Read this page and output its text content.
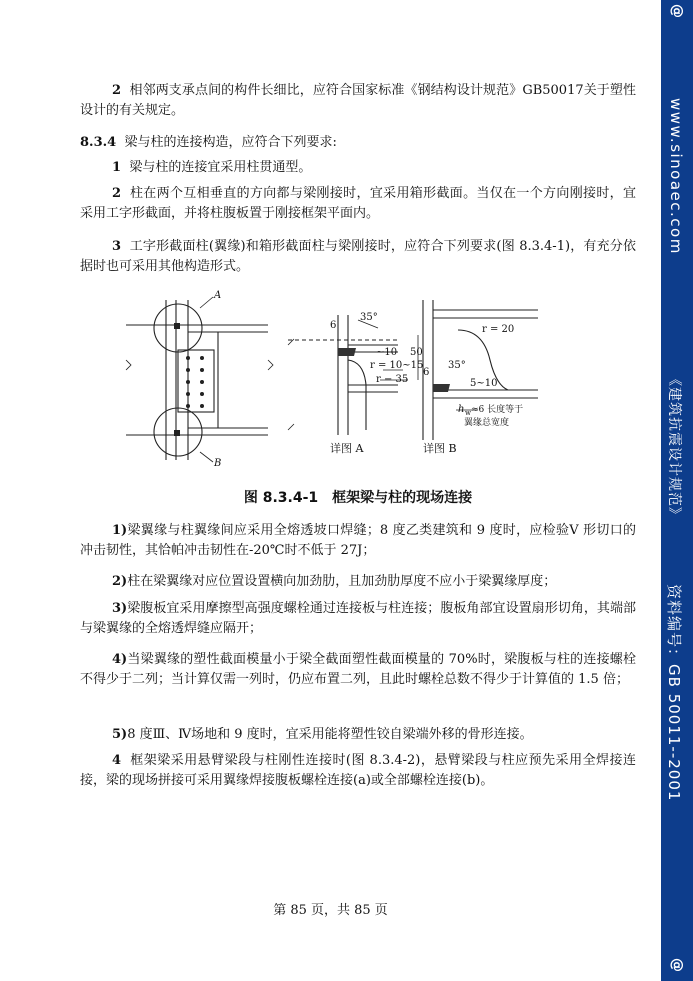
@
www.sinoaec.com
《建筑抗震设计规范》
资料编号：GB 50011--2001
@

2 相邻两支承点间的构件长细比，应符合国家标准《钢结构设计规范》GB50017关于塑性设计的有关规定。

8.3.4 梁与柱的连接构造，应符合下列要求:

1 梁与柱的连接宜采用柱贯通型。

2 柱在两个互相垂直的方向都与梁刚接时，宜采用箱形截面。当仅在一个方向刚接时，宜采用工字形截面，并将柱腹板置于刚接框架平面内。

3 工字形截面柱(翼缘)和箱形截面柱与梁刚接时，应符合下列要求(图 8.3.4-1)，有充分依据时也可采用其他构造形式。

A
B
6
35°
~10
r = 10~15
r − 35
详图 A
50
r = 20
6
35°
5~10
h w ≈6 长度等于
翼缘总宽度
详图 B
图 8.3.4-1　框架梁与柱的现场连接

1)梁翼缘与柱翼缘间应采用全熔透坡口焊缝；8 度乙类建筑和 9 度时，应检验V 形切口的冲击韧性，其恰帕冲击韧性在-20℃时不低于 27J；

2)柱在梁翼缘对应位置设置横向加劲肋，且加劲肋厚度不应小于梁翼缘厚度；

3)梁腹板宜采用摩擦型高强度螺栓通过连接板与柱连接；腹板角部宜设置扇形切角，其端部与梁翼缘的全熔透焊缝应隔开；

4)当梁翼缘的塑性截面模量小于梁全截面塑性截面模量的 70%时，梁腹板与柱的连接螺栓不得少于二列；当计算仅需一列时，仍应布置二列，且此时螺栓总数不得少于计算值的 1.5 倍；

5)8 度Ⅲ、Ⅳ场地和 9 度时，宜采用能将塑性铰自梁端外移的骨形连接。

4 框架梁采用悬臂梁段与柱刚性连接时(图 8.3.4-2)，悬臂梁段与柱应预先采用全焊接连接，梁的现场拼接可采用翼缘焊接腹板螺栓连接(a)或全部螺栓连接(b)。

第 85 页，共 85 页
